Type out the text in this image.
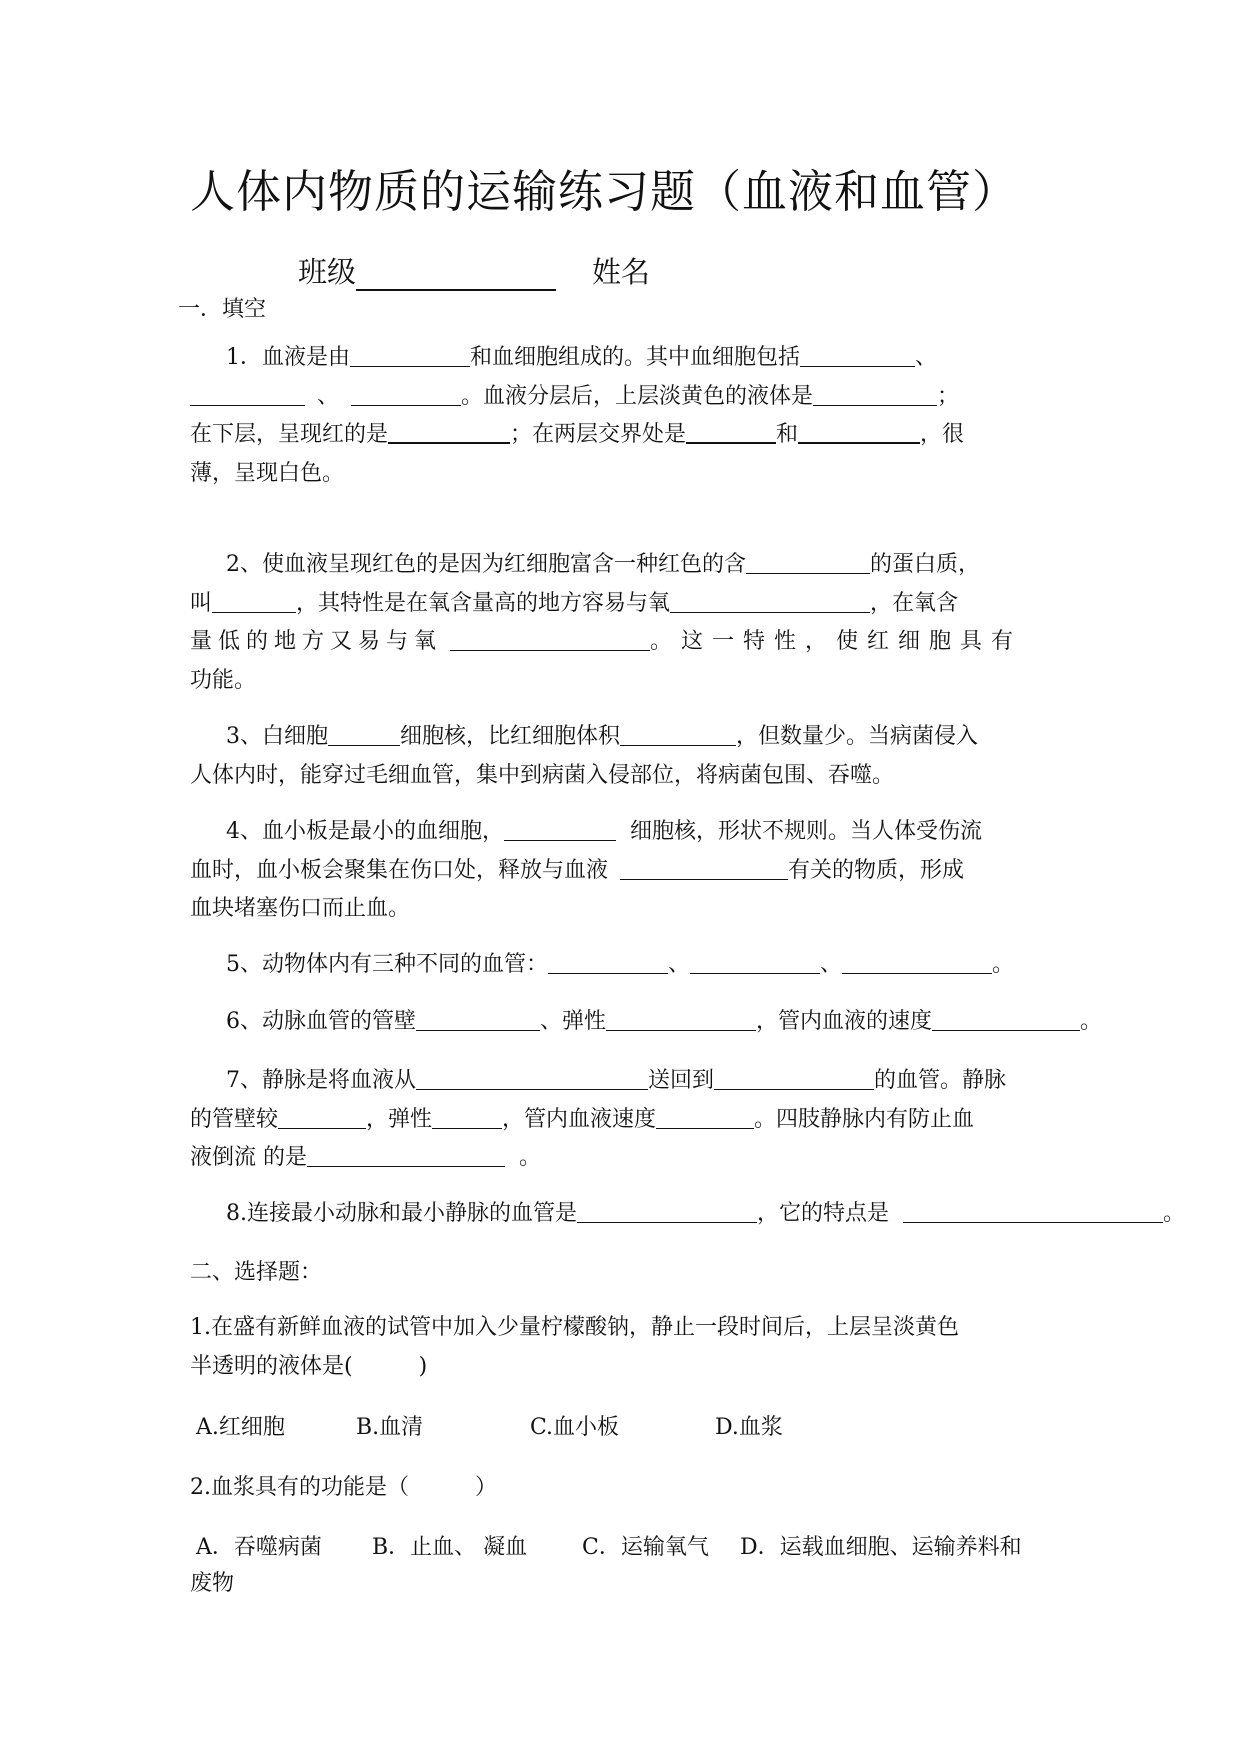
人体内物质的运输练习题（血液和血管）
班级	姓名
一．填空
1．血液是由	和血细胞组成的。其中血细胞包括	、
、	。血液分层后，上层淡黄色的液体是	；
在下层，呈现红的是	；在两层交界处是	和	，很
薄，呈现白色。
2、使血液呈现红色的是因为红细胞富含一种红色的含	的蛋白质，
叫	，其特性是在氧含量高的地方容易与氧	，在氧含
量低的地方又易与氧	。这一特性，使红细胞具有
功能。
3、白细胞	细胞核，比红细胞体积	，但数量少。当病菌侵入
人体内时，能穿过毛细血管，集中到病菌入侵部位，将病菌包围、吞噬。
4、血小板是最小的血细胞，	细胞核，形状不规则。当人体受伤流
血时，血小板会聚集在伤口处，释放与血液	有关的物质，形成
血块堵塞伤口而止血。
5、动物体内有三种不同的血管：	、	、	。
6、动脉血管的管壁	、弹性	，管内血液的速度	。
7、静脉是将血液从	送回到	的血管。静脉
的管壁较	，弹性	，管内血液速度	。四肢静脉内有防止血
液倒流 的是	。
8.连接最小动脉和最小静脉的血管是	，它的特点是	。
二、选择题：
1.在盛有新鲜血液的试管中加入少量柠檬酸钠，静止一段时间后，上层呈淡黄色
半透明的液体是(　　　)
A.红细胞	B.血清	C.血小板	D.血浆
2.血浆具有的功能是（　　　）
A．吞噬病菌 B．止血、 凝血 C．运输氧气 D．运载血细胞、运输养料和
废物
